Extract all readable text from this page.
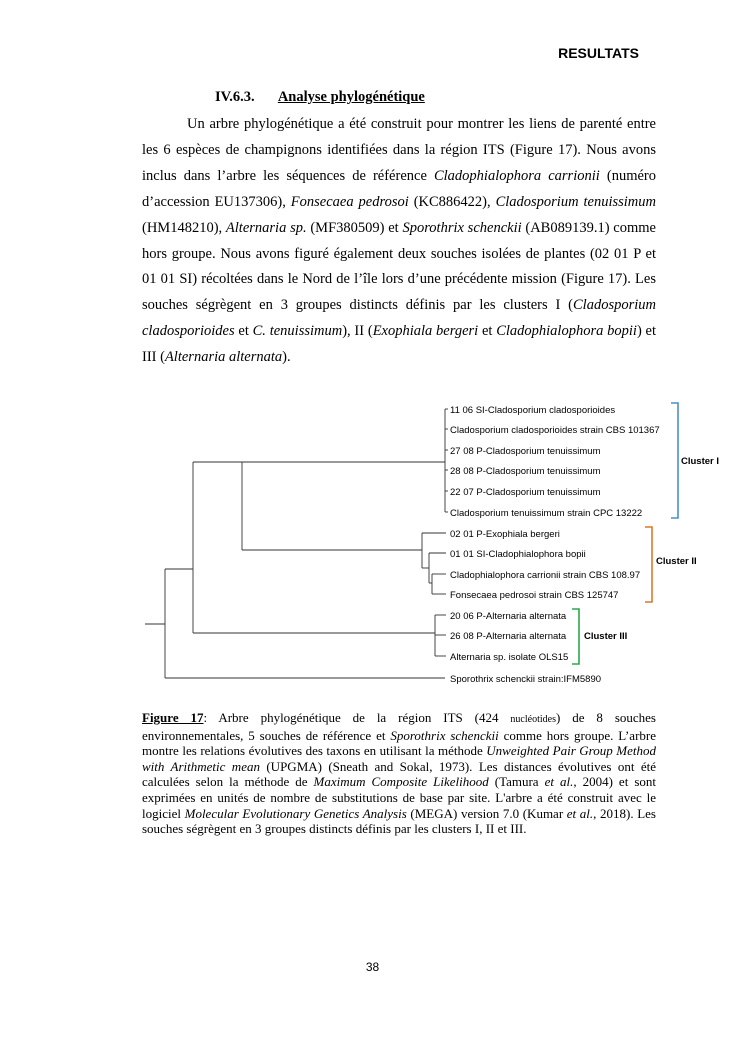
RESULTATS
IV.6.3. Analyse phylogénétique
Un arbre phylogénétique a été construit pour montrer les liens de parenté entre les 6 espèces de champignons identifiées dans la région ITS (Figure 17). Nous avons inclus dans l’arbre les séquences de référence Cladophialophora carrionii (numéro d’accession EU137306), Fonsecaea pedrosoi (KC886422), Cladosporium tenuissimum (HM148210), Alternaria sp. (MF380509) et Sporothrix schenckii (AB089139.1) comme hors groupe. Nous avons figuré également deux souches isolées de plantes (02 01 P et 01 01 SI) récoltées dans le Nord de l’île lors d’une précédente mission (Figure 17). Les souches ségrègent en 3 groupes distincts définis par les clusters I (Cladosporium cladosporioides et C. tenuissimum), II (Exophiala bergeri et Cladophialophora bopii) et III (Alternaria alternata).
11 06 SI-Cladosporium cladosporioides
Cladosporium cladosporioides strain CBS 101367
27 08 P-Cladosporium tenuissimum
28 08 P-Cladosporium tenuissimum
22 07 P-Cladosporium tenuissimum
Cladosporium tenuissimum strain CPC 13222
02 01 P-Exophiala bergeri
01 01 SI-Cladophialophora bopii
Cladophialophora carrionii strain CBS 108.97
Fonsecaea pedrosoi strain CBS 125747
20 06 P-Alternaria alternata
26 08 P-Alternaria alternata
Alternaria sp. isolate OLS15
Sporothrix schenckii strain:IFM5890
Cluster I
Cluster II
Cluster III
Figure 17: Arbre phylogénétique de la région ITS (424 nucléotides) de 8 souches environnementales, 5 souches de référence et Sporothrix schenckii comme hors groupe. L’arbre montre les relations évolutives des taxons en utilisant la méthode Unweighted Pair Group Method with Arithmetic mean (UPGMA) (Sneath and Sokal, 1973). Les distances évolutives ont été calculées selon la méthode de Maximum Composite Likelihood (Tamura et al., 2004) et sont exprimées en unités de nombre de substitutions de base par site. L'arbre a été construit avec le logiciel Molecular Evolutionary Genetics Analysis (MEGA) version 7.0 (Kumar et al., 2018). Les souches ségrègent en 3 groupes distincts définis par les clusters I, II et III.
38
